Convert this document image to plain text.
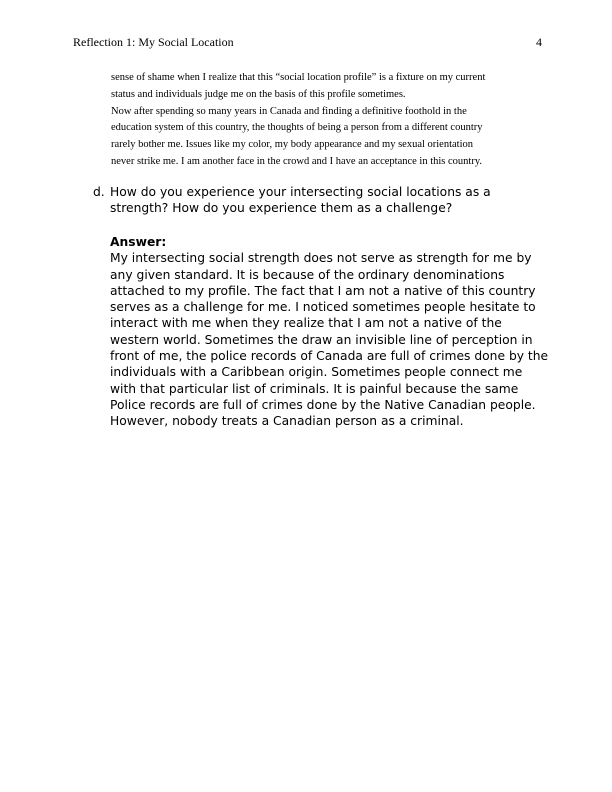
Reflection 1: My Social Location	4

sense of shame when I realize that this “social location profile” is a fixture on my current

status and individuals judge me on the basis of this profile sometimes.

Now after spending so many years in Canada and finding a definitive foothold in the

education system of this country, the thoughts of being a person from a different country

rarely bother me. Issues like my color, my body appearance and my sexual orientation

never strike me. I am another face in the crowd and I have an acceptance in this country.

d. How do you experience your intersecting social locations as a
strength? How do you experience them as a challenge?
Answer:
My intersecting social strength does not serve as strength for me by
any given standard. It is because of the ordinary denominations
attached to my profile. The fact that I am not a native of this country
serves as a challenge for me. I noticed sometimes people hesitate to
interact with me when they realize that I am not a native of the
western world. Sometimes the draw an invisible line of perception in
front of me, the police records of Canada are full of crimes done by the
individuals with a Caribbean origin. Sometimes people connect me
with that particular list of criminals. It is painful because the same
Police records are full of crimes done by the Native Canadian people.
However, nobody treats a Canadian person as a criminal.
